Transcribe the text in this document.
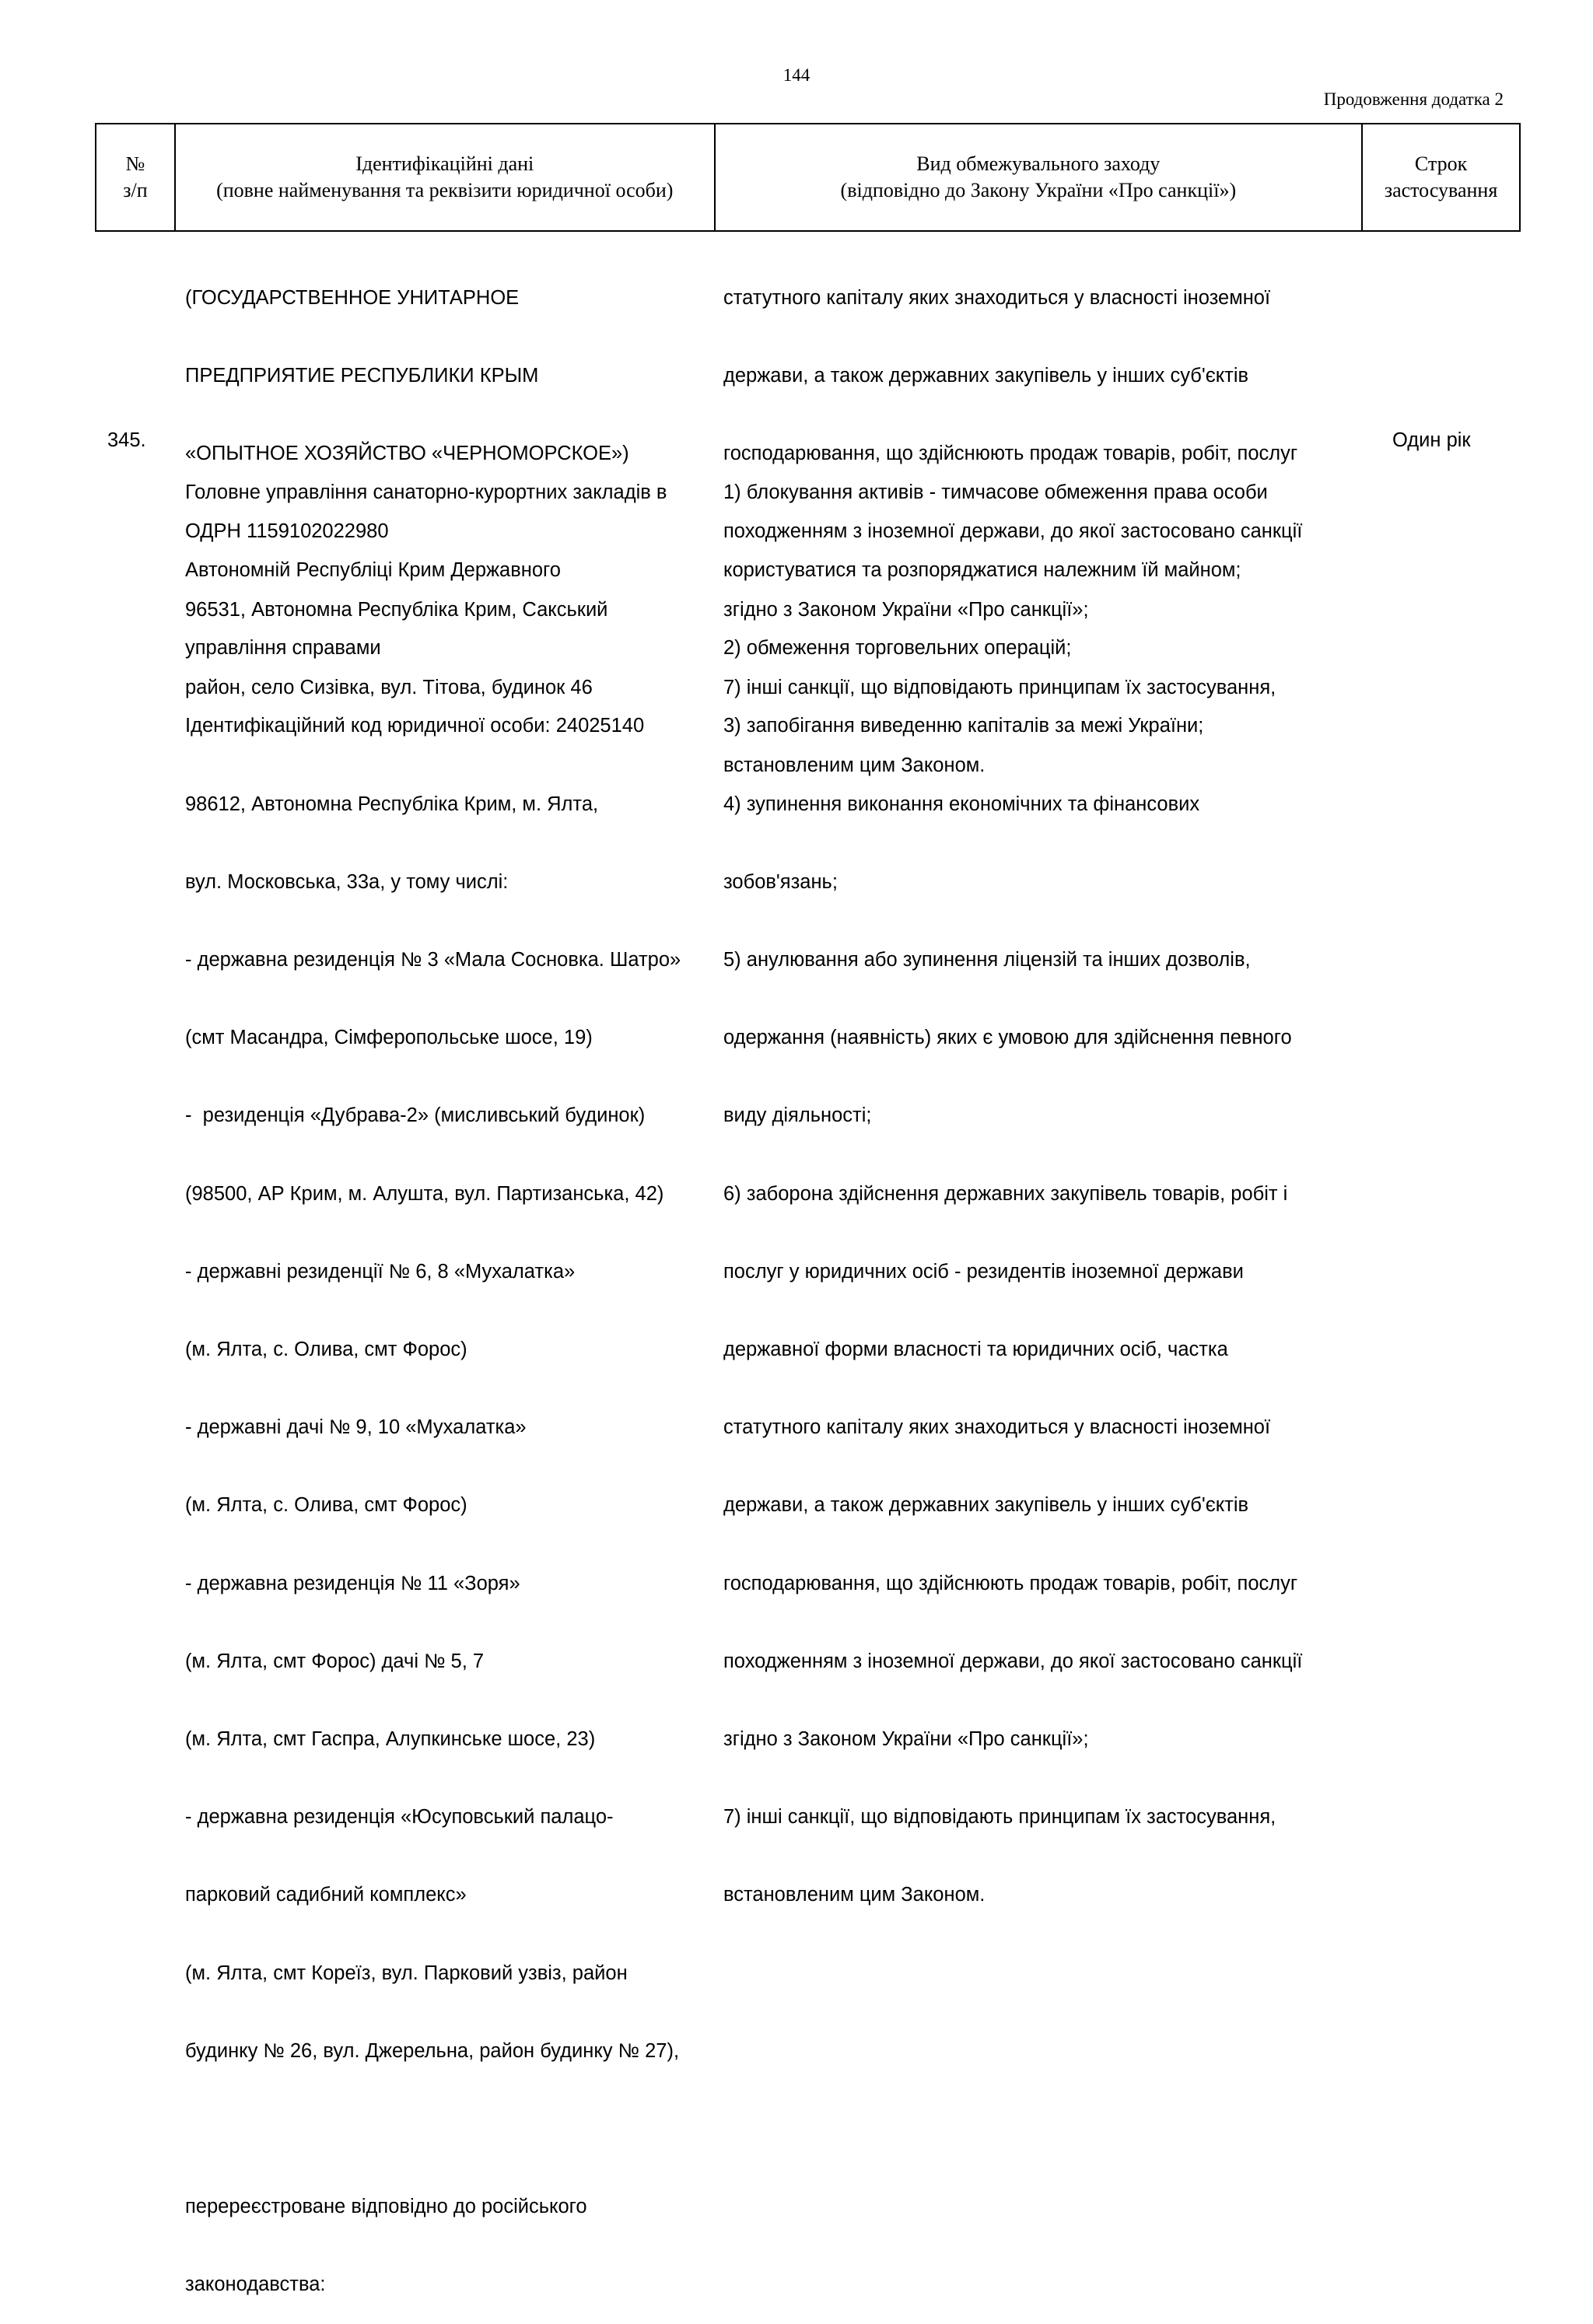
144
Продовження додатка 2
№
з/п
Ідентифікаційні дані
(повне найменування та реквізити юридичної особи)
Вид обмежувального заходу
(відповідно до Закону України «Про санкції»)
Строк
застосування

(ГОСУДАРСТВЕННОЕ УНИТАРНОЕ

ПРЕДПРИЯТИЕ РЕСПУБЛИКИ КРЫМ

«ОПЫТНОЕ ХОЗЯЙСТВО «ЧЕРНОМОРСКОЕ»)

ОДРН 1159102022980

96531, Автономна Республіка Крим, Сакський

район, село Сизівка, вул. Тітова, будинок 46

статутного капіталу яких знаходиться у власності іноземної

держави, а також державних закупівель у інших суб'єктів

господарювання, що здійснюють продаж товарів, робіт, послуг

походженням з іноземної держави, до якої застосовано санкції

згідно з Законом України «Про санкції»;

7) інші санкції, що відповідають принципам їх застосування,

встановленим цим Законом.

345.

Головне управління санаторно-курортних закладів в

Автономній Республіці Крим Державного

управління справами

Ідентифікаційний код юридичної особи: 24025140

98612, Автономна Республіка Крим, м. Ялта,

вул. Московська, 33а, у тому числі:

- державна резиденція № 3 «Мала Сосновка. Шатро»

(смт Масандра, Сімферопольське шосе, 19)

-  резиденція «Дубрава-2» (мисливський будинок)

(98500, АР Крим, м. Алушта, вул. Партизанська, 42)

- державні резиденції № 6, 8 «Мухалатка»

(м. Ялта, с. Олива, смт Форос)

- державні дачі № 9, 10 «Мухалатка»

(м. Ялта, с. Олива, смт Форос)

- державна резиденція № 11 «Зоря»

(м. Ялта, смт Форос) дачі № 5, 7

(м. Ялта, смт Гаспра, Алупкинське шосе, 23)

- державна резиденція «Юсуповський палацо-

парковий садибний комплекс»

(м. Ялта, смт Кореїз, вул. Парковий узвіз, район

будинку № 26, вул. Джерельна, район будинку № 27),

перереєстроване відповідно до російського

законодавства:

1) блокування активів - тимчасове обмеження права особи

користуватися та розпоряджатися належним їй майном;

2) обмеження торговельних операцій;

3) запобігання виведенню капіталів за межі України;

4) зупинення виконання економічних та фінансових

зобов'язань;

5) анулювання або зупинення ліцензій та інших дозволів,

одержання (наявність) яких є умовою для здійснення певного

виду діяльності;

6) заборона здійснення державних закупівель товарів, робіт і

послуг у юридичних осіб - резидентів іноземної держави

державної форми власності та юридичних осіб, частка

статутного капіталу яких знаходиться у власності іноземної

держави, а також державних закупівель у інших суб'єктів

господарювання, що здійснюють продаж товарів, робіт, послуг

походженням з іноземної держави, до якої застосовано санкції

згідно з Законом України «Про санкції»;

7) інші санкції, що відповідають принципам їх застосування,

встановленим цим Законом.

Один рік
